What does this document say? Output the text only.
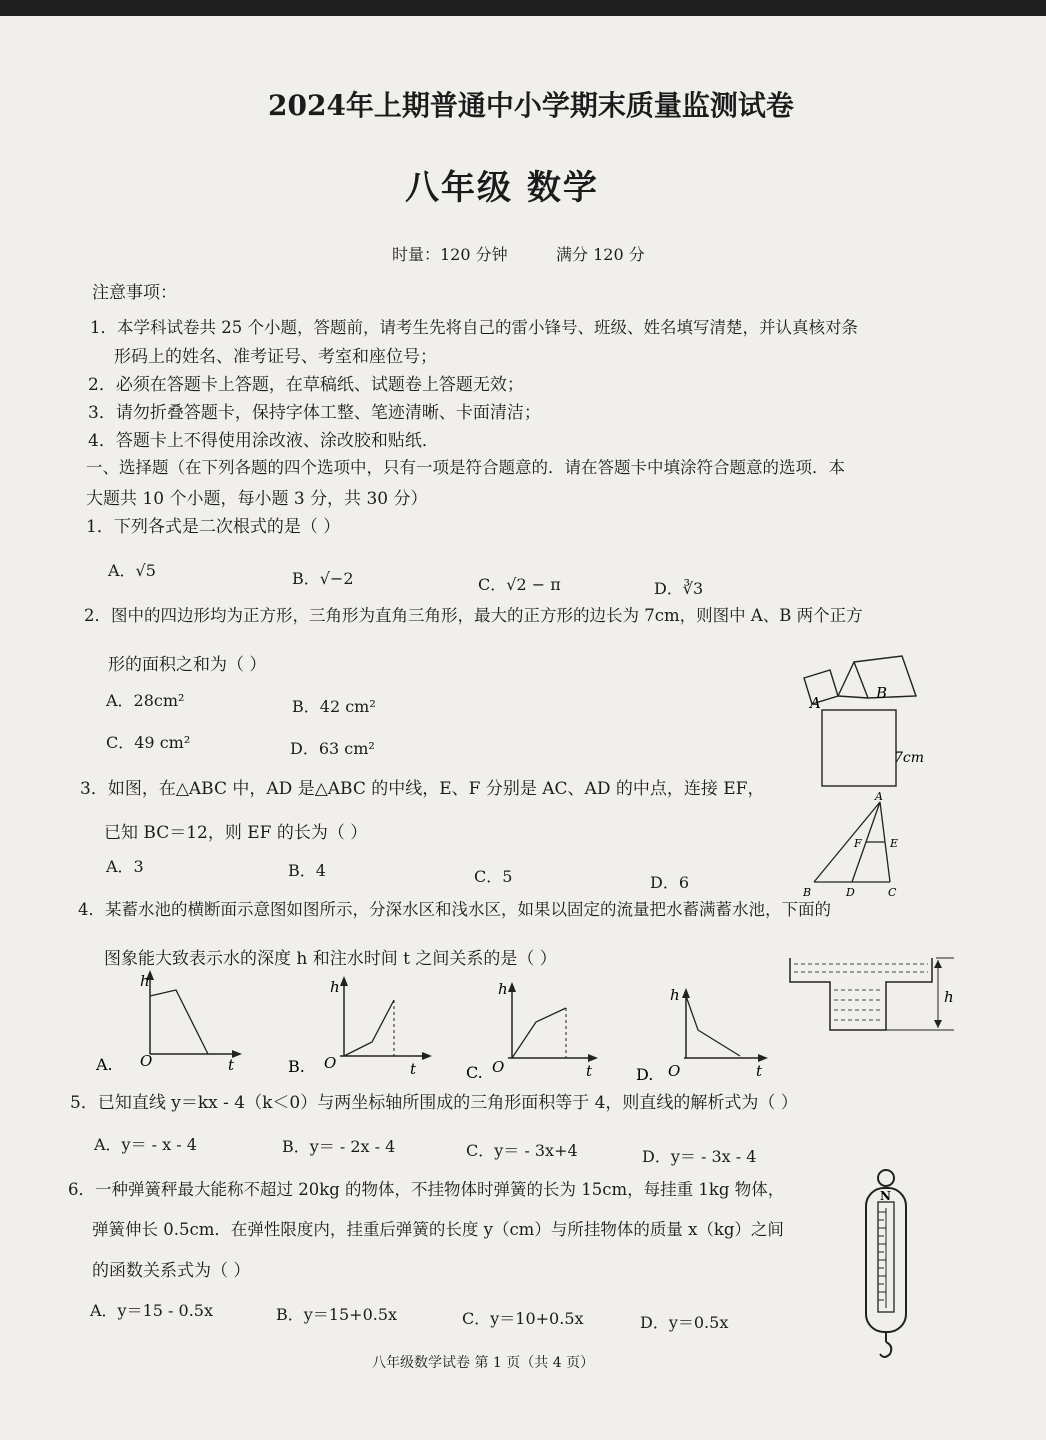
2024年上期普通中小学期末质量监测试卷
八年级 数学
时量：120 分钟	满分 120 分
注意事项：
1．本学科试卷共 25 个小题，答题前，请考生先将自己的雷小锋号、班级、姓名填写清楚，并认真核对条
形码上的姓名、准考证号、考室和座位号；
2．必须在答题卡上答题，在草稿纸、试题卷上答题无效；
3．请勿折叠答题卡，保持字体工整、笔迹清晰、卡面清洁；
4．答题卡上不得使用涂改液、涂改胶和贴纸．
一、选择题（在下列各题的四个选项中，只有一项是符合题意的．请在答题卡中填涂符合题意的选项．本
大题共 10 个小题，每小题 3 分，共 30 分）
1．下列各式是二次根式的是（ ）
A．√5	B．√−2	C．√2 − π	D．∛3
2．图中的四边形均为正方形，三角形为直角三角形，最大的正方形的边长为 7cm，则图中 A、B 两个正方
形的面积之和为（ ）
A．28cm²	B．42 cm²
C．49 cm²	D．63 cm²
B
A
7cm
3．如图，在△ABC 中，AD 是△ABC 的中线，E、F 分别是 AC、AD 的中点，连接 EF，
已知 BC＝12，则 EF 的长为（ ）
A．3	B．4	C．5	D．6
A
F	E
B	D	C
4．某蓄水池的横断面示意图如图所示，分深水区和浅水区，如果以固定的流量把水蓄满蓄水池，下面的
图象能大致表示水的深度 h 和注水时间 t 之间关系的是（ ）
h
h
t
O
A.
h
t
O
B.
h
t
O
C.
h
t
O
D.
5．已知直线 y＝kx - 4（k＜0）与两坐标轴所围成的三角形面积等于 4，则直线的解析式为（ ）
A．y＝ - x - 4	B．y＝ - 2x - 4	C．y＝ - 3x+4	D．y＝ - 3x - 4
6．一种弹簧秤最大能称不超过 20kg 的物体，不挂物体时弹簧的长为 15cm，每挂重 1kg 物体，
弹簧伸长 0.5cm．在弹性限度内，挂重后弹簧的长度 y（cm）与所挂物体的质量 x（kg）之间
的函数关系式为（ ）
A．y＝15 - 0.5x	B．y＝15+0.5x	C．y＝10+0.5x	D．y＝0.5x
N
八年级数学试卷 第 1 页（共 4 页）
